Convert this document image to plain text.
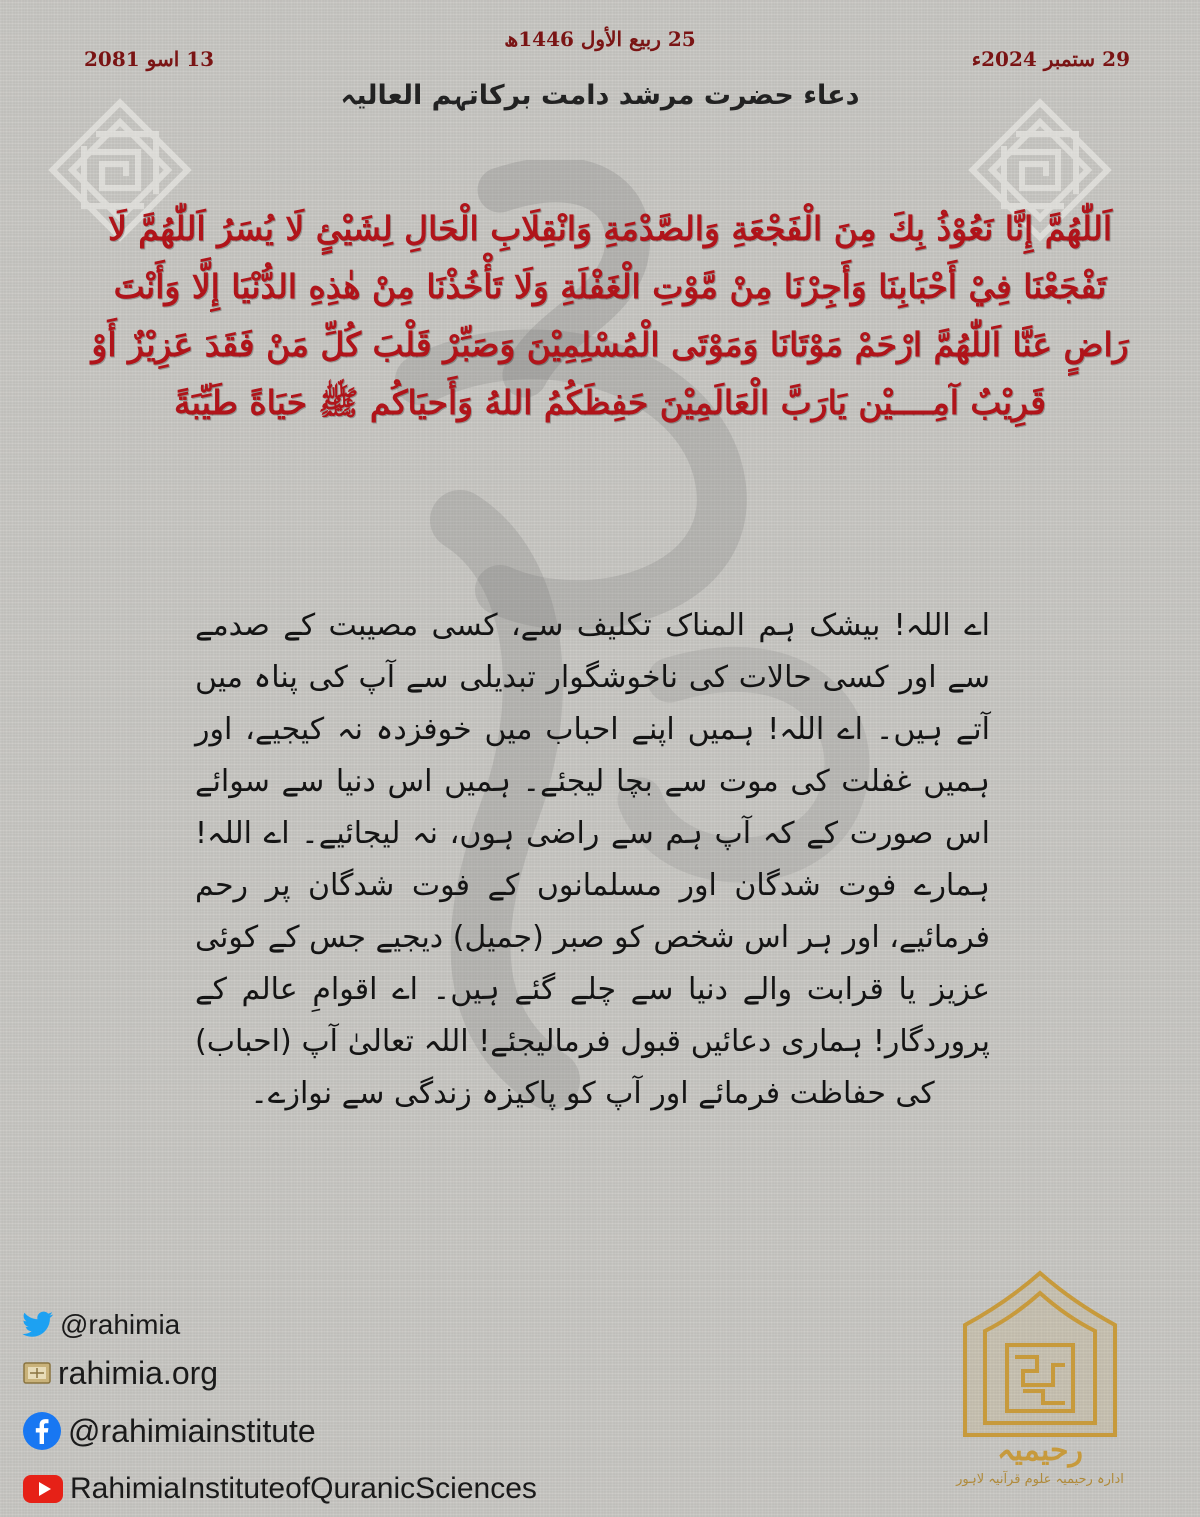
25 ربیع الأول 1446ھ
13 اسو 2081	29 ستمبر 2024ء
دعاء حضرت مرشد دامت برکاتہم العالیہ

اَللّٰهُمَّ إِنَّا نَعُوْذُ بِكَ مِنَ الْفَجْعَةِ وَالصَّدْمَةِ وَانْقِلَابِ الْحَالِ لِشَيْئٍ لَا يُسَرُ اَللّٰهُمَّ لَا تَفْجَعْنَا فِيْ أَحْبَابِنَا وَأَجِرْنَا مِنْ مَّوْتِ الْغَفْلَةِ وَلَا تَأْخُذْنَا مِنْ هٰذِهِ الدُّنْيَا إِلَّا وَأَنْتَ رَاضٍ عَنَّا اَللّٰهُمَّ ارْحَمْ مَوْتَانَا وَمَوْتَى الْمُسْلِمِيْنَ وَصَبِّرْ قَلْبَ كُلِّ مَنْ فَقَدَ عَزِيْزٌ أَوْ قَرِيْبٌ آمِــــيْن يَارَبَّ الْعَالَمِيْنَ حَفِظَكُمُ اللهُ وَأَحيَاكُم ﷺ حَيَاةً طَيِّبَةً

اے اللہ! بیشک ہم المناک تکلیف سے، کسی مصیبت کے صدمے سے اور کسی حالات کی ناخوشگوار تبدیلی سے آپ کی پناہ میں آتے ہیں۔ اے اللہ! ہمیں اپنے احباب میں خوفزدہ نہ کیجیے، اور ہمیں غفلت کی موت سے بچا لیجئے۔ ہمیں اس دنیا سے سوائے اس صورت کے کہ آپ ہم سے راضی ہوں، نہ لیجائیے۔ اے اللہ! ہمارے فوت شدگان اور مسلمانوں کے فوت شدگان پر رحم فرمائیے، اور ہر اس شخص کو صبر (جمیل) دیجیے جس کے کوئی عزیز یا قرابت والے دنیا سے چلے گئے ہیں۔ اے اقوامِ عالم کے پروردگار! ہماری دعائیں قبول فرمالیجئے! اللہ تعالیٰ آپ (احباب) کی حفاظت فرمائے اور آپ کو پاکیزہ زندگی سے نوازے۔

@rahimia
rahimia.org
@rahimiainstitute
RahimiaInstituteofQuranicSciences
رحیمیہ
ادارہ رحیمیہ علوم قرآنیہ لاہور
